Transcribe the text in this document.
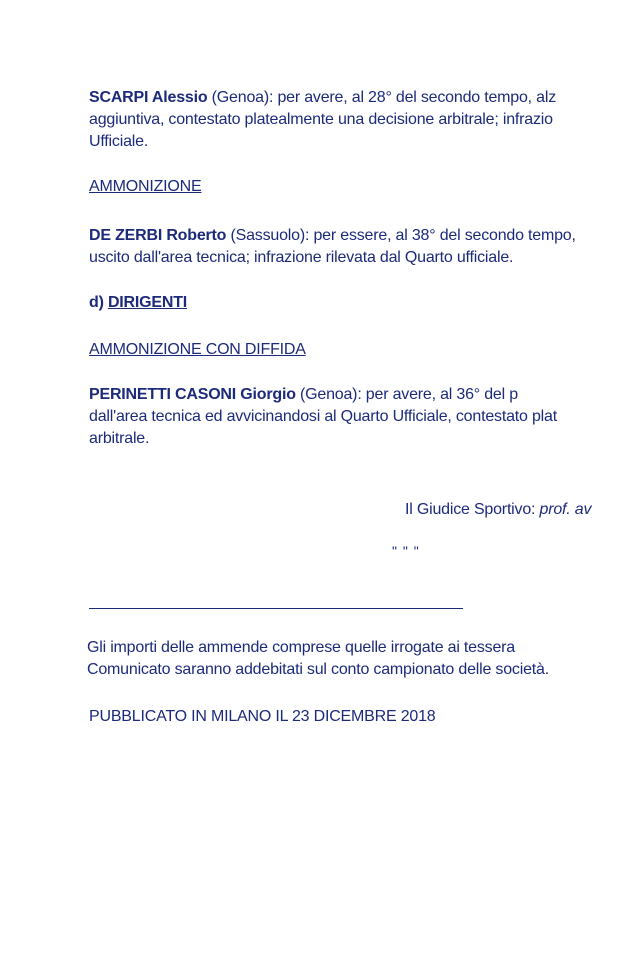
SCARPI Alessio (Genoa): per avere, al 28° del secondo tempo, alz
aggiuntiva, contestato platealmente una decisione arbitrale; infrazio
Ufficiale.
AMMONIZIONE
DE ZERBI Roberto (Sassuolo): per essere, al 38° del secondo tempo,
uscito dall'area tecnica; infrazione rilevata dal Quarto ufficiale.
d) DIRIGENTI
AMMONIZIONE CON DIFFIDA
PERINETTI CASONI Giorgio (Genoa): per avere, al 36° del p
dall'area tecnica ed avvicinandosi al Quarto Ufficiale, contestato plat
arbitrale.
Il Giudice Sportivo: prof. av
" " "
Gli importi delle ammende comprese quelle irrogate ai tessera
Comunicato saranno addebitati sul conto campionato delle società.
PUBBLICATO IN MILANO IL 23 DICEMBRE 2018
